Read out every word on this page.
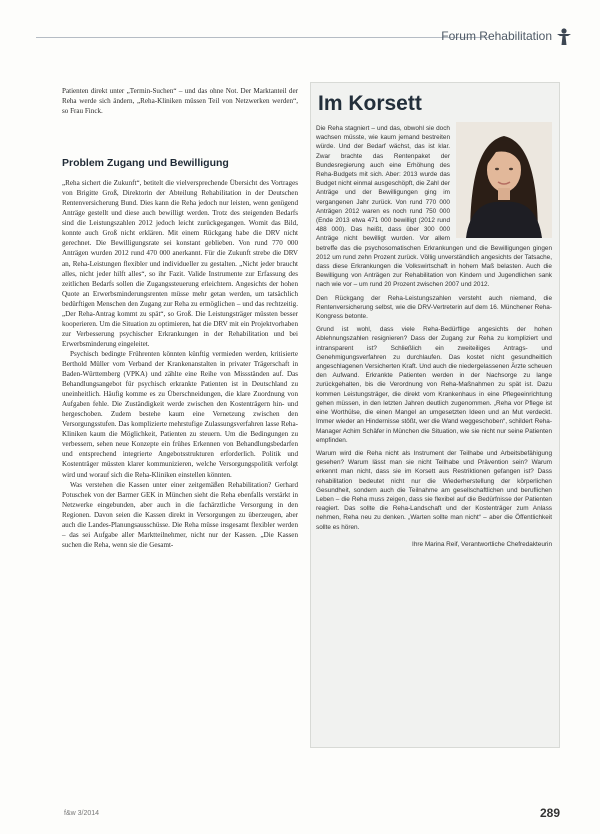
Forum Rehabilitation

Patienten direkt unter „Termin-Suchen“ – und das ohne Not. Der Marktanteil der Reha werde sich ändern, „Reha-Kliniken müssen Teil von Netzwerken werden“, so Frau Finck.

Problem Zugang und Bewilligung

„Reha sichert die Zukunft“, betitelt die vielversprechende Übersicht des Vortrages von Brigitte Groß, Direktorin der Abteilung Rehabilitation in der Deutschen Rentenversicherung Bund. Dies kann die Reha jedoch nur leisten, wenn genügend Anträge gestellt und diese auch bewilligt werden. Trotz des steigenden Bedarfs sind die Leistungszahlen 2012 jedoch leicht zurückgegangen. Womit das Bild, konnte auch Groß nicht erklären. Mit einem Rückgang habe die DRV nicht gerechnet. Die Bewilligungsrate sei konstant geblieben. Von rund 770 000 Anträgen wurden 2012 rund 470 000 anerkannt. Für die Zukunft strebe die DRV an, Reha-Leistungen flexibler und individueller zu gestalten. „Nicht jeder braucht alles, nicht jeder hilft alles“, so ihr Fazit. Valide Instrumente zur Erfassung des zeitlichen Bedarfs sollen die Zugangssteuerung erleichtern. Angesichts der hohen Quote an Erwerbsminderungsrenten müsse mehr getan werden, um tatsächlich bedürftigen Menschen den Zugang zur Reha zu ermöglichen – und das rechtzeitig. „Der Reha-Antrag kommt zu spät“, so Groß. Die Leistungsträger müssten besser kooperieren. Um die Situation zu optimieren, hat die DRV mit ein Projektvorhaben zur Verbesserung psychischer Erkrankungen in der Rehabilitation und bei Erwerbsminderung eingeleitet.

Psychisch bedingte Frührenten könnten künftig vermieden werden, kritisierte Berthold Müller vom Verband der Krankenanstalten in privater Trägerschaft in Baden-Württemberg (VPKA) und zählte eine Reihe von Missständen auf. Das Behandlungsangebot für psychisch erkrankte Patienten ist in Deutschland zu uneinheitlich. Häufig komme es zu Überschneidungen, die klare Zuordnung von Aufgaben fehle. Die Zuständigkeit werde zwischen den Kostenträgern hin- und hergeschoben. Zudem bestehe kaum eine Vernetzung zwischen den Versorgungsstufen. Das komplizierte mehrstufige Zulassungsverfahren lasse Reha-Kliniken kaum die Möglichkeit, Patienten zu steuern. Um die Bedingungen zu verbessern, sehen neue Konzepte ein frühes Erkennen von Behandlungsbedarfen und entsprechend integrierte Angebotsstrukturen erforderlich. Politik und Kostenträger müssten klarer kommunizieren, welche Versorgungspolitik verfolgt wird und worauf sich die Reha-Kliniken einstellen könnten.

Was verstehen die Kassen unter einer zeitgemäßen Rehabilitation? Gerhard Potuschek von der Barmer GEK in München sieht die Reha ebenfalls verstärkt in Netzwerke eingebunden, aber auch in die fachärztliche Versorgung in den Regionen. Davon seien die Kassen direkt in Versorgungen zu überzeugen, aber auch die Landes-Planungsausschüsse. Die Reha müsse insgesamt flexibler werden – das sei Aufgabe aller Marktteilnehmer, nicht nur der Kassen. „Die Kassen suchen die Reha, wenn sie die Gesamt-

Im Korsett

Die Reha stagniert – und das, obwohl sie doch wachsen müsste, wie kaum jemand bestreiten würde. Und der Bedarf wächst, das ist klar. Zwar brachte das Rentenpaket der Bundesregierung auch eine Erhöhung des Reha-Budgets mit sich. Aber: 2013 wurde das Budget nicht einmal ausgeschöpft, die Zahl der Anträge und der Bewilligungen ging im vergangenen Jahr zurück. Von rund 770 000 Anträgen 2012 waren es noch rund 750 000 (Ende 2013 etwa 471 000 bewilligt (2012 rund 488 000). Das heißt, dass über 300 000 Anträge nicht bewilligt wurden. Vor allem betreffe das die psychosomatischen Erkrankungen und die Bewilligungen gingen 2012 um rund zehn Prozent zurück. Völlig unverständlich angesichts der Tatsache, dass diese Erkrankungen die Volkswirtschaft in hohem Maß belasten. Auch die Bewilligung von Anträgen zur Rehabilitation von Kindern und Jugendlichen sank nach wie vor – um rund 20 Prozent zwischen 2007 und 2012.

Den Rückgang der Reha-Leistungszahlen versteht auch niemand, die Rentenversicherung selbst, wie die DRV-Vertreterin auf dem 16. Münchener Reha-Kongress betonte.

Grund ist wohl, dass viele Reha-Bedürftige angesichts der hohen Ablehnungszahlen resignieren? Dass der Zugang zur Reha zu kompliziert und intransparent ist? Schließlich ein zweiteiliges Antrags- und Genehmigungsverfahren zu durchlaufen. Das kostet nicht gesundheitlich angeschlagenen Versicherten Kraft. Und auch die niedergelassenen Ärzte scheuen den Aufwand. Erkrankte Patienten werden in der Nachsorge zu lange zurückgehalten, bis die Verordnung von Reha-Maßnahmen zu spät ist. Dazu kommen Leistungsträger, die direkt vom Krankenhaus in eine Pflegeeinrichtung gehen müssen, in den letzten Jahren deutlich zugenommen. „Reha vor Pflege ist eine Worthülse, die einen Mangel an umgesetzten Ideen und an Mut verdeckt. Immer wieder an Hindernisse stößt, wer die Wand weggeschoben“, schildert Reha-Manager Achim Schäfer in München die Situation, wie sie nicht nur seine Patienten empfinden.

Warum wird die Reha nicht als Instrument der Teilhabe und Arbeitsbefähigung gesehen? Warum lässt man sie nicht Teilhabe und Prävention sein? Warum erkennt man nicht, dass sie im Korsett aus Restriktionen gefangen ist? Dass rehabilitation bedeutet nicht nur die Wiederherstellung der körperlichen Gesundheit, sondern auch die Teilnahme am gesellschaftlichen und beruflichen Leben – die Reha muss zeigen, dass sie flexibel auf die Bedürfnisse der Patienten reagiert. Das sollte die Reha-Landschaft und der Kostenträger zum Anlass nehmen, Reha neu zu denken. „Warten sollte man nicht“ – aber die Öffentlichkeit sollte es hören.

Ihre Marina Reif, Verantwortliche Chefredakteurin

f&w 3/2014	289
